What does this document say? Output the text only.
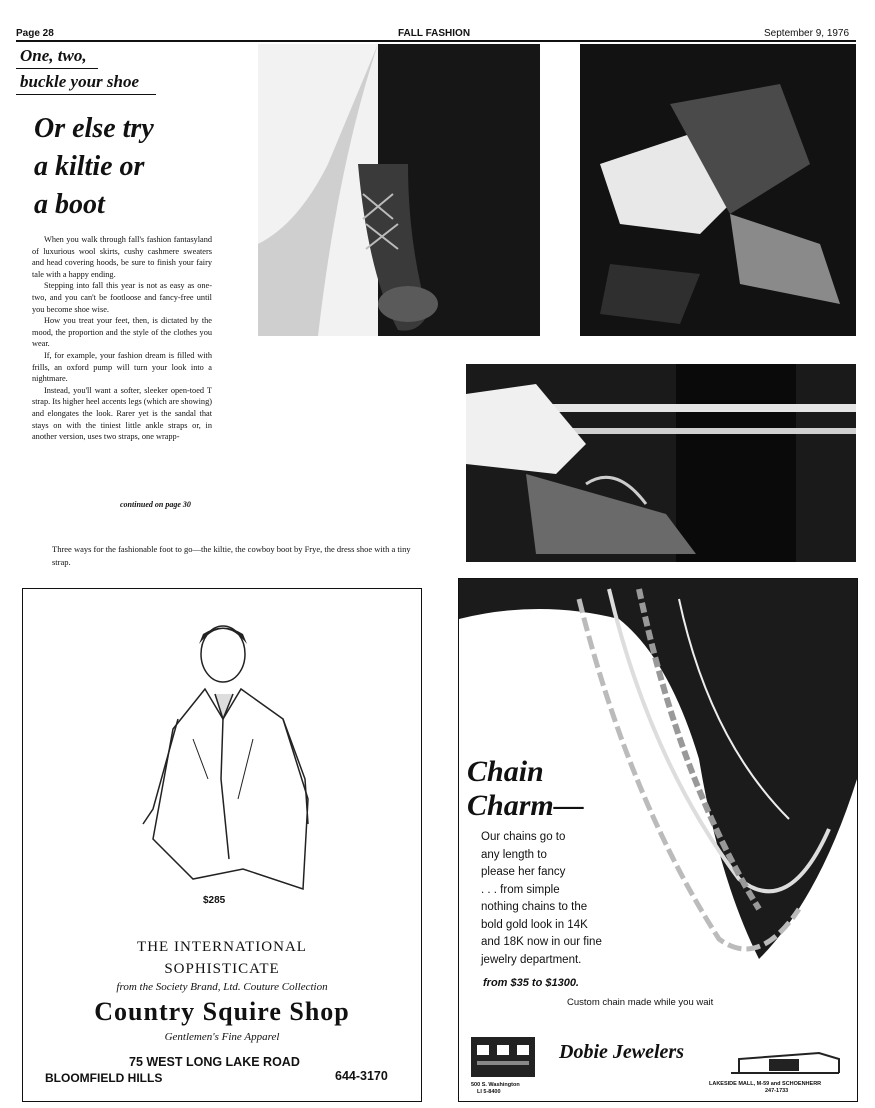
Page 28	FALL FASHION	September 9, 1976
One, two,
buckle your shoe
Or else try
a kiltie or
a boot

When you walk through fall's fashion fantasyland of luxurious wool skirts, cushy cashmere sweaters and head covering hoods, be sure to finish your fairy tale with a happy ending.

Stepping into fall this year is not as easy as one-two, and you can't be footloose and fancy-free until you become shoe wise.

How you treat your feet, then, is dictated by the mood, the proportion and the style of the clothes you wear.

If, for example, your fashion dream is filled with frills, an oxford pump will turn your look into a nightmare.

Instead, you'll want a softer, sleeker open-toed T strap. Its higher heel accents legs (which are showing) and elongates the look. Rarer yet is the sandal that stays on with the tiniest little ankle straps or, in another version, uses two straps, one wrapp-

continued on page 30
Three ways for the fashionable foot to go—the kiltie, the cowboy boot by Frye, the dress shoe with a tiny strap.
$285
THE INTERNATIONAL
SOPHISTICATE
from the Society Brand, Ltd. Couture Collection
Country Squire Shop
Gentlemen's Fine Apparel
75 WEST LONG LAKE ROAD
BLOOMFIELD HILLS	644-3170
Chain
Charm—
Our chains go to
any length to
please her fancy
. . . from simple
nothing chains to the
bold gold look in 14K
and 18K now in our fine
jewelry department.
from $35 to $1300.
Custom chain made while you wait
500 S. Washington
LI 5-8400
Dobie Jewelers
LAKESIDE MALL, M-59 and SCHOENHERR
247-1733
